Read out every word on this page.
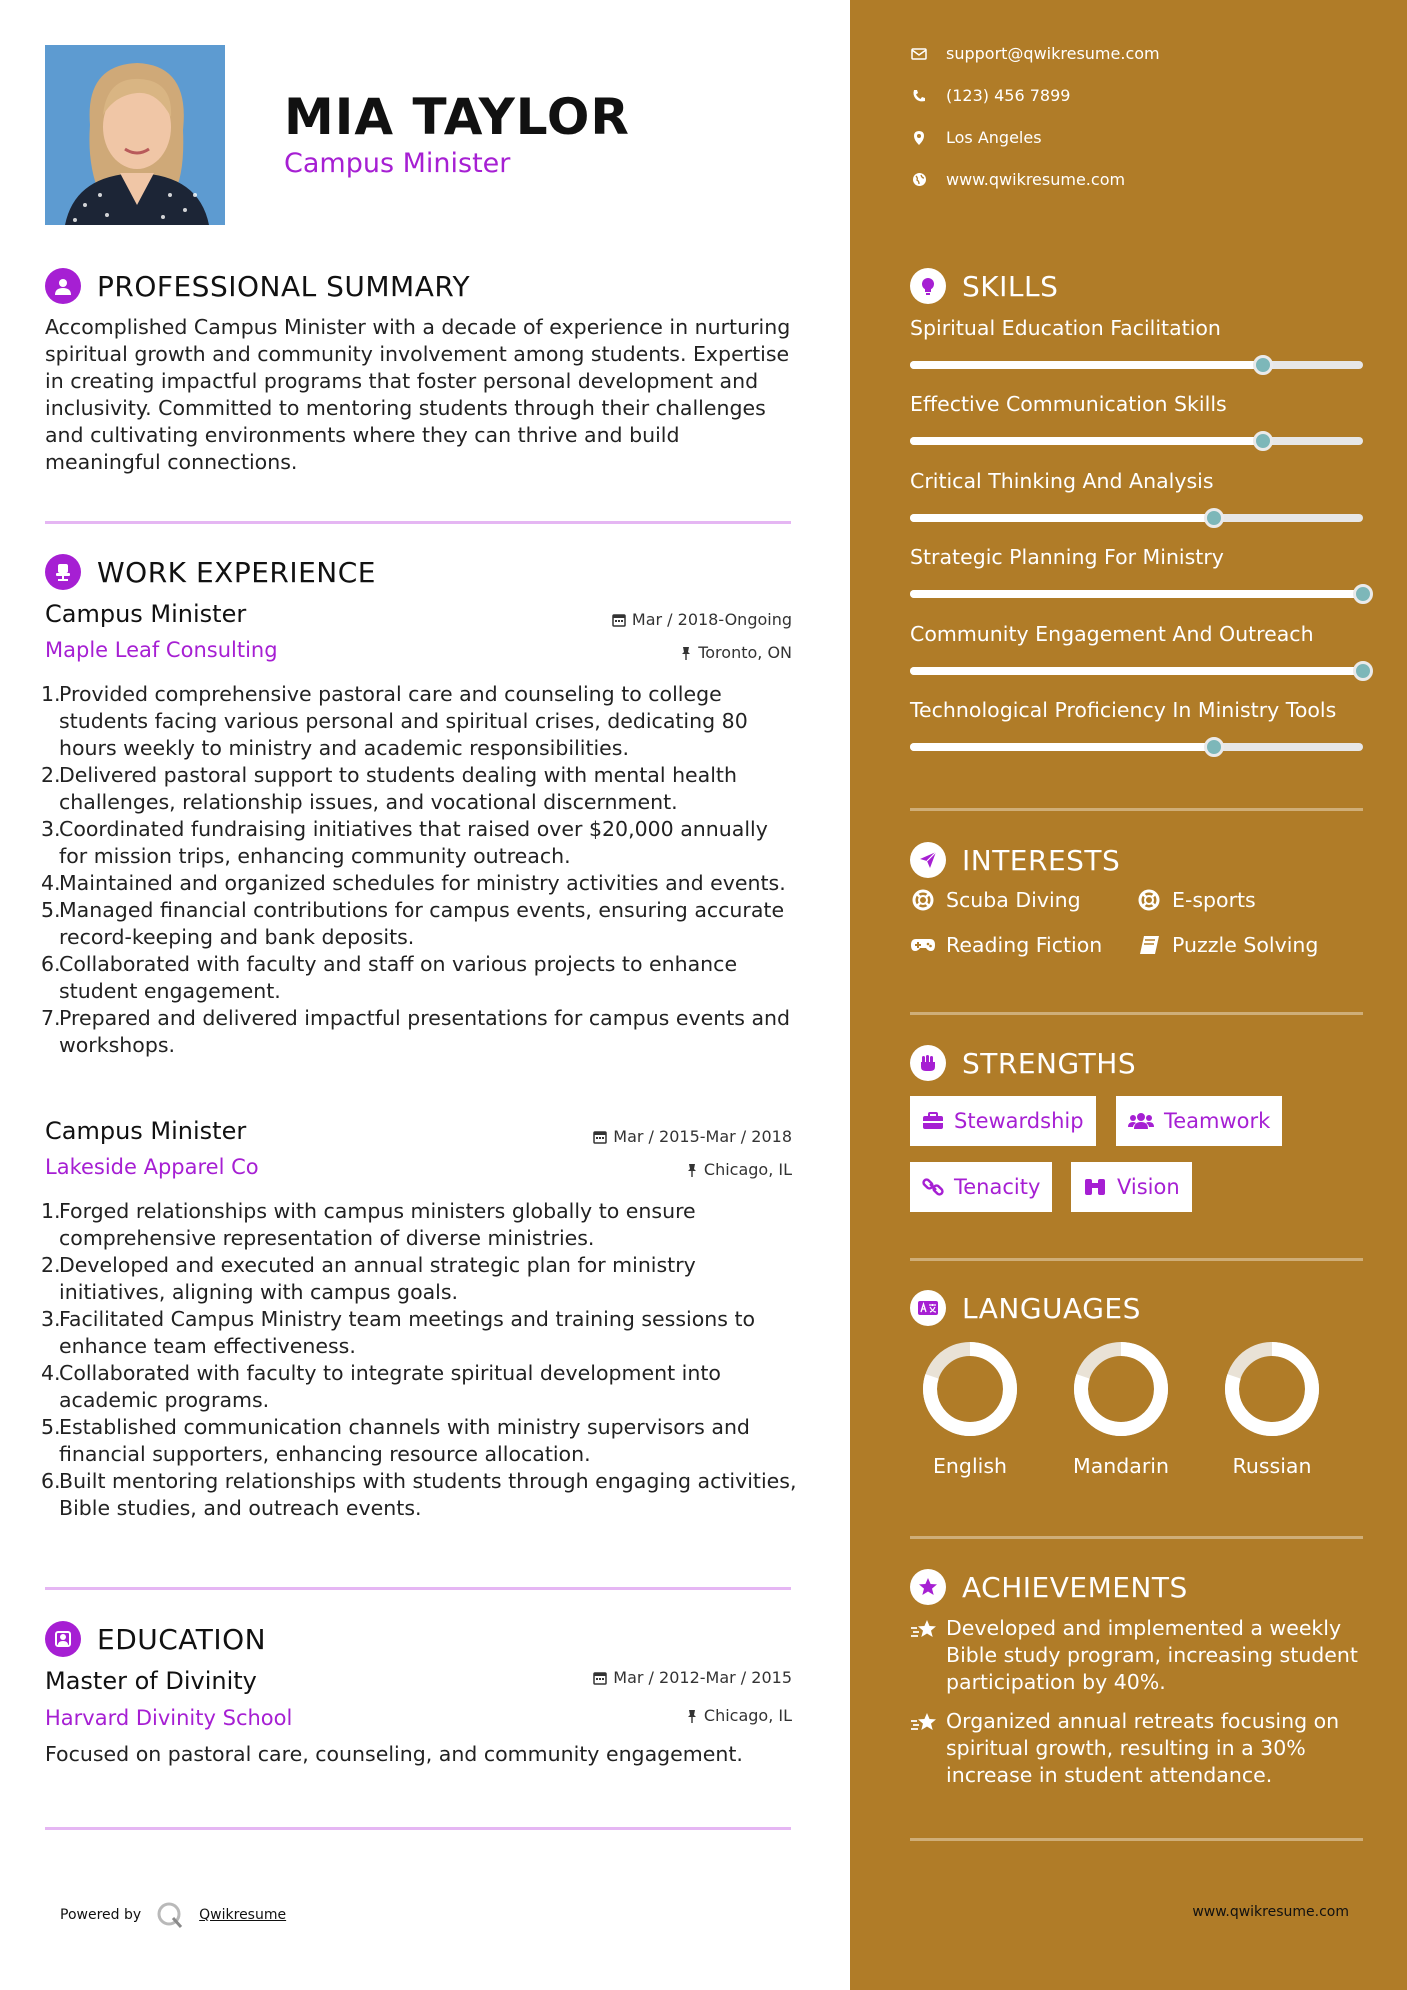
MIA TAYLOR
Campus Minister
PROFESSIONAL SUMMARY
Accomplished Campus Minister with a decade of experience in nurturing spiritual growth and community involvement among students. Expertise in creating impactful programs that foster personal development and inclusivity. Committed to mentoring students through their challenges and cultivating environments where they can thrive and build meaningful connections.
WORK EXPERIENCE
Campus Minister	Mar / 2018-Ongoing
Maple Leaf Consulting	Toronto, ON
1.
Provided comprehensive pastoral care and counseling to college students facing various personal and spiritual crises, dedicating 80 hours weekly to ministry and academic responsibilities.
2.
Delivered pastoral support to students dealing with mental health challenges, relationship issues, and vocational discernment.
3.
Coordinated fundraising initiatives that raised over $20,000 annually for mission trips, enhancing community outreach.
4.
Maintained and organized schedules for ministry activities and events.
5.
Managed financial contributions for campus events, ensuring accurate record-keeping and bank deposits.
6.
Collaborated with faculty and staff on various projects to enhance student engagement.
7.
Prepared and delivered impactful presentations for campus events and workshops.
Campus Minister	Mar / 2015-Mar / 2018
Lakeside Apparel Co	Chicago, IL
1.
Forged relationships with campus ministers globally to ensure comprehensive representation of diverse ministries.
2.
Developed and executed an annual strategic plan for ministry initiatives, aligning with campus goals.
3.
Facilitated Campus Ministry team meetings and training sessions to enhance team effectiveness.
4.
Collaborated with faculty to integrate spiritual development into academic programs.
5.
Established communication channels with ministry supervisors and financial supporters, enhancing resource allocation.
6.
Built mentoring relationships with students through engaging activities, Bible studies, and outreach events.
EDUCATION
Master of Divinity	Mar / 2012-Mar / 2015
Harvard Divinity School	Chicago, IL
Focused on pastoral care, counseling, and community engagement.
Powered by	Qwikresume
support@qwikresume.com
(123) 456 7899
Los Angeles
www.qwikresume.com
SKILLS
Spiritual Education Facilitation
Effective Communication Skills
Critical Thinking And Analysis
Strategic Planning For Ministry
Community Engagement And Outreach
Technological Proficiency In Ministry Tools
INTERESTS
Scuba Diving	E-sports
Reading Fiction	Puzzle Solving
STRENGTHS
Stewardship	Teamwork
Tenacity	Vision
LANGUAGES
English	Mandarin	Russian
ACHIEVEMENTS
Developed and implemented a weekly Bible study program, increasing student participation by 40%.
Organized annual retreats focusing on spiritual growth, resulting in a 30% increase in student attendance.
www.qwikresume.com
